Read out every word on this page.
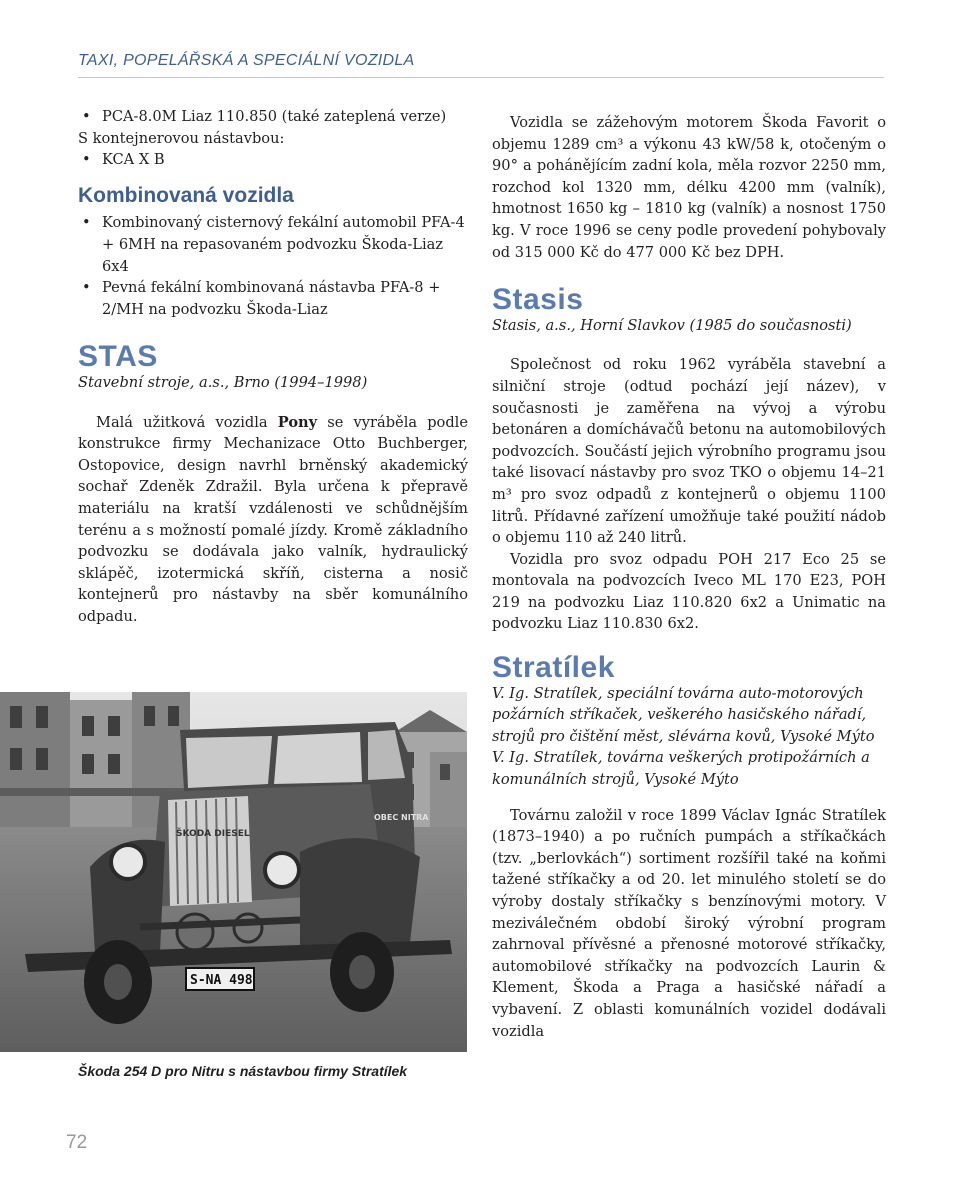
TAXI, POPELÁŘSKÁ A SPECIÁLNÍ VOZIDLA

• PCA-8.0M Liaz 110.850 (také zateplená verze)

S kontejnerovou nástavbou:

• KCA X B

Kombinovaná vozidla

• Kombinovaný cisternový fekální automobil PFA-4 + 6MH na repasovaném podvozku Škoda-Liaz 6x4

• Pevná fekální kombinovaná nástavba PFA-8 + 2/MH na podvozku Škoda-Liaz

STAS

Stavební stroje, a.s., Brno (1994–1998)

Malá užitková vozidla Pony se vyráběla podle konstrukce firmy Mechanizace Otto Buchberger, Ostopovice, design navrhl brněnský akademický sochař Zdeněk Zdražil. Byla určena k přepravě materiálu na kratší vzdálenosti ve schůdnějším terénu a s možností pomalé jízdy. Kromě základního podvozku se dodávala jako valník, hydraulický sklápěč, izotermická skříň, cisterna a nosič kontejnerů pro nástavby na sběr komunálního odpadu.

ŠKODA DIESEL
OBEC NITRA
S-NA 498
Škoda 254 D pro Nitru s nástavbou firmy Stratílek

Vozidla se zážehovým motorem Škoda Favorit o objemu 1289 cm³ a výkonu 43 kW/58 k, otočeným o 90° a pohánějícím zadní kola, měla rozvor 2250 mm, rozchod kol 1320 mm, délku 4200 mm (valník), hmotnost 1650 kg – 1810 kg (valník) a nosnost 1750 kg. V roce 1996 se ceny podle provedení pohybovaly od 315 000 Kč do 477 000 Kč bez DPH.

Stasis

Stasis, a.s., Horní Slavkov (1985 do současnosti)

Společnost od roku 1962 vyráběla stavební a silniční stroje (odtud pochází její název), v současnosti je zaměřena na vývoj a výrobu betonáren a domíchávačů betonu na automobilových podvozcích. Součástí jejich výrobního programu jsou také lisovací nástavby pro svoz TKO o objemu 14–21 m³ pro svoz odpadů z kontejnerů o objemu 1100 litrů. Přídavné zařízení umožňuje také použití nádob o objemu 110 až 240 litrů.

Vozidla pro svoz odpadu POH 217 Eco 25 se montovala na podvozcích Iveco ML 170 E23, POH 219 na podvozku Liaz 110.820 6x2 a Unimatic na podvozku Liaz 110.830 6x2.

Stratílek

V. Ig. Stratílek, speciální továrna auto-motorových požárních stříkaček, veškerého hasičského nářadí, strojů pro čištění měst, slévárna kovů, Vysoké Mýto V. Ig. Stratílek, továrna veškerých protipožárních a komunálních strojů, Vysoké Mýto

Továrnu založil v roce 1899 Václav Ignác Stratílek (1873–1940) a po ručních pumpách a stříkačkách (tzv. „berlovkách“) sortiment rozšířil také na koňmi tažené stříkačky a od 20. let minulého století se do výroby dostaly stříkačky s benzínovými motory. V meziválečném období široký výrobní program zahrnoval přívěsné a přenosné motorové stříkačky, automobilové stříkačky na podvozcích Laurin & Klement, Škoda a Praga a hasičské nářadí a vybavení. Z oblasti komunálních vozidel dodávali vozidla

72
